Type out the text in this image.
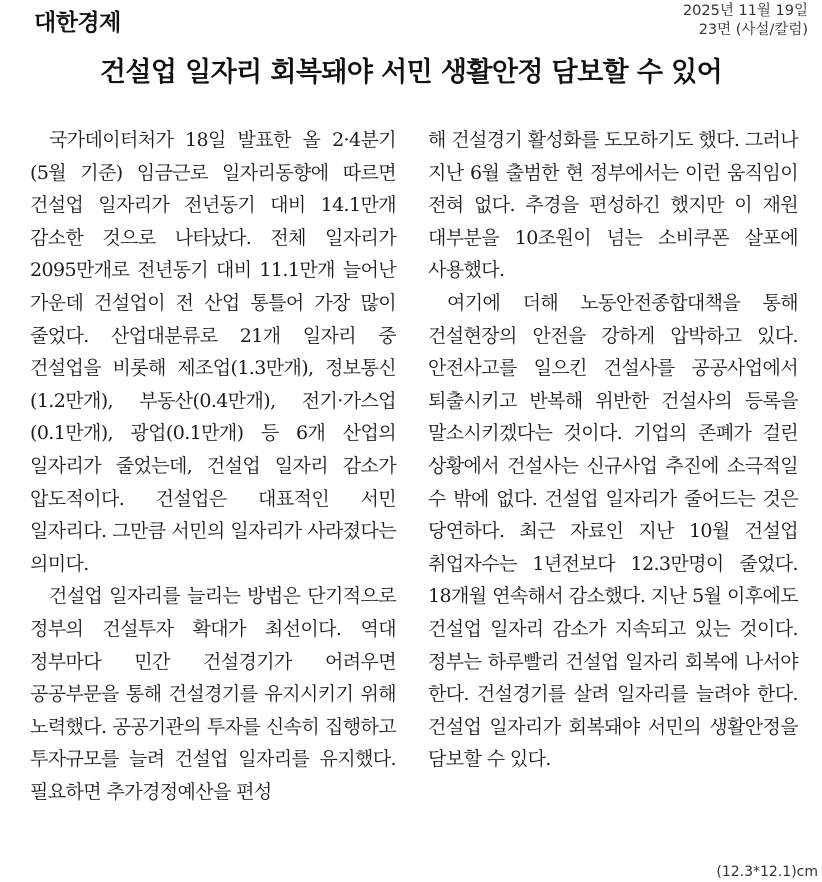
대한경제	2025년 11월 19일
23면 (사설/칼럼)
건설업 일자리 회복돼야 서민 생활안정 담보할 수 있어

국가데이터처가 18일 발표한 올 2·4분기(5월 기준) 임금근로 일자리동향에 따르면 건설업 일자리가 전년동기 대비 14.1만개 감소한 것으로 나타났다. 전체 일자리가 2095만개로 전년동기 대비 11.1만개 늘어난 가운데 건설업이 전 산업 통틀어 가장 많이 줄었다. 산업대분류로 21개 일자리 중 건설업을 비롯해 제조업(1.3만개), 정보통신(1.2만개), 부동산(0.4만개), 전기·가스업(0.1만개), 광업(0.1만개) 등 6개 산업의 일자리가 줄었는데, 건설업 일자리 감소가 압도적이다. 건설업은 대표적인 서민 일자리다. 그만큼 서민의 일자리가 사라졌다는 의미다.

건설업 일자리를 늘리는 방법은 단기적으로 정부의 건설투자 확대가 최선이다. 역대 정부마다 민간 건설경기가 어려우면 공공부문을 통해 건설경기를 유지시키기 위해 노력했다. 공공기관의 투자를 신속히 집행하고 투자규모를 늘려 건설업 일자리를 유지했다. 필요하면 추가경정예산을 편성

해 건설경기 활성화를 도모하기도 했다. 그러나 지난 6월 출범한 현 정부에서는 이런 움직임이 전혀 없다. 추경을 편성하긴 했지만 이 재원 대부분을 10조원이 넘는 소비쿠폰 살포에 사용했다.

여기에 더해 노동안전종합대책을 통해 건설현장의 안전을 강하게 압박하고 있다. 안전사고를 일으킨 건설사를 공공사업에서 퇴출시키고 반복해 위반한 건설사의 등록을 말소시키겠다는 것이다. 기업의 존폐가 걸린 상황에서 건설사는 신규사업 추진에 소극적일 수 밖에 없다. 건설업 일자리가 줄어드는 것은 당연하다. 최근 자료인 지난 10월 건설업 취업자수는 1년전보다 12.3만명이 줄었다. 18개월 연속해서 감소했다. 지난 5월 이후에도 건설업 일자리 감소가 지속되고 있는 것이다. 정부는 하루빨리 건설업 일자리 회복에 나서야 한다. 건설경기를 살려 일자리를 늘려야 한다. 건설업 일자리가 회복돼야 서민의 생활안정을 담보할 수 있다.

(12.3*12.1)cm
